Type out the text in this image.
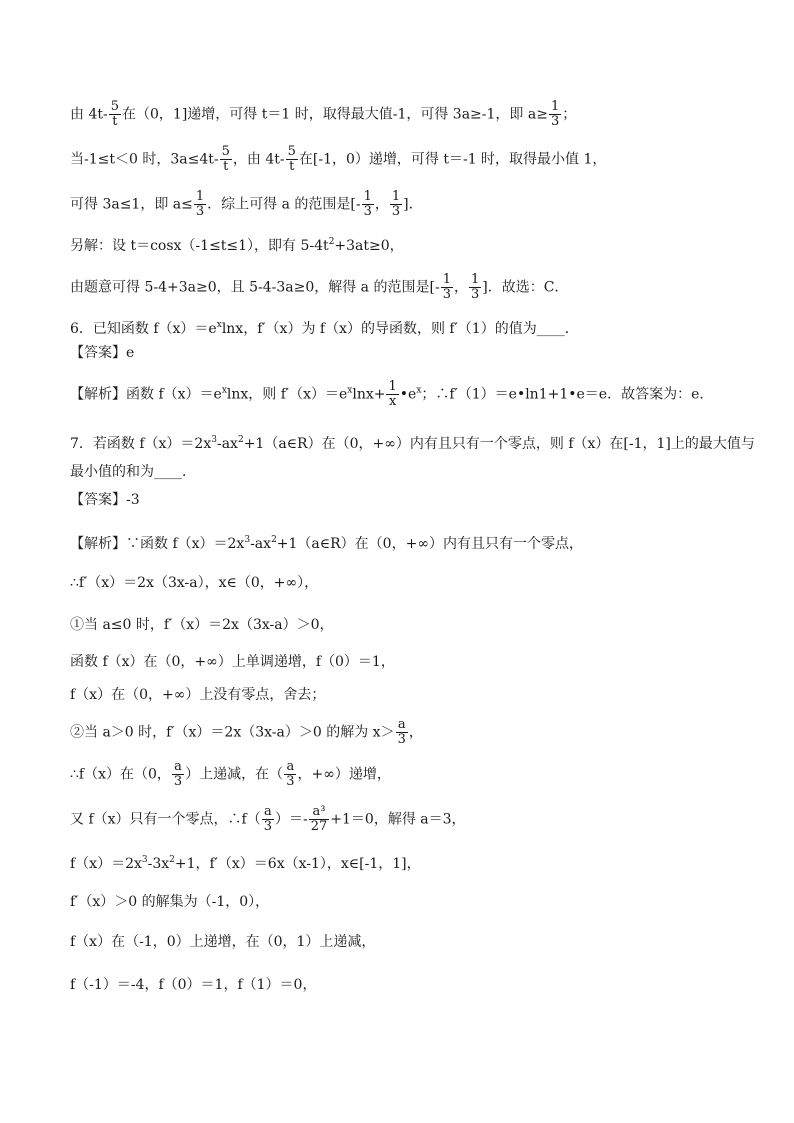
由 $4t- \frac{5}{t}$ 在（0，1]递增，可得 t＝1 时，取得最大值-1，可得 3a≥-1，即 $a\ge \frac{1}{3}$ ；
当-1≤t＜0 时，$3a\le 4t- \frac{5}{t}$ ，由 $4t- \frac{5}{t}$ 在[-1，0）递增，可得 t＝-1 时，取得最小值 1，
可得 3a≤1，即 $a\le \frac{1}{3}$ ．综上可得 a 的范围是[- $\frac{1}{3}$ ， $\frac{1}{3}$ ]．
另解：设 t＝cosx（-1≤t≤1），即有 $5-4t^2+3at\ge 0$，
由题意可得 5-4+3a≥0，且 5-4-3a≥0，解得 a 的范围是[- $\frac{1}{3}$ ， $\frac{1}{3}$ ]．故选：C．
6．已知函数 $f(x)=e^x\ln x$，f′（x）为 f（x）的导函数，则 f′（1）的值为____．
【答案】e
【解析】函数 $f(x)=e^x\ln x$，则 $f'(x)=e^x\ln x+ \frac{1}{x}$ $•e^x$；∴f′（1）＝e•ln1+1•e＝e．故答案为：e．
7．若函数 $f(x)=2x^3-ax^2+1(a\in R)$在（0，+∞）内有且只有一个零点，则 f（x）在[-1，1]上的最大值与
最小值的和为____．
【答案】-3
【解析】∵函数 $f(x)=2x^3-ax^2+1(a\in R)$在（0，+∞）内有且只有一个零点，
∴f′（x）＝2x（3x-a），x∈（0，+∞），
①当 a≤0 时，f′（x）＝2x（3x-a）＞0，
函数 f（x）在（0，+∞）上单调递增，f（0）＝1，
f（x）在（0，+∞）上没有零点，舍去；
②当 a＞0 时，f′（x）＝2x（3x-a）＞0 的解为 $x> \frac{a}{3}$ ，
∴f（x）在（0， $\frac{a}{3}$ ）上递减，在（ $\frac{a}{3}$ ，+∞）递增，
又 f（x）只有一个零点，∴f（ $\frac{a}{3}$ ）＝- $\frac{\text{a³}}{27} +1=0$，解得 a＝3，
$f(x)=2x^3-3x^2+1$，f′（x）＝6x（x-1），x∈[-1，1]，
f′（x）＞0 的解集为（-1，0），
f（x）在（-1，0）上递增，在（0，1）上递减，
f（-1）＝-4，f（0）＝1，f（1）＝0，
